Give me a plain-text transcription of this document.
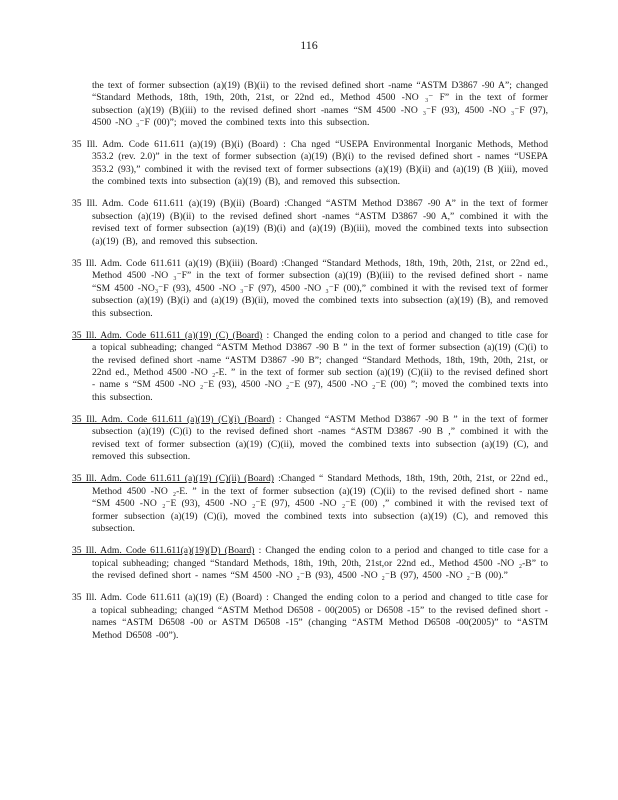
116

the text of former subsection (a)(19) (B)(ii) to the revised defined short -name “ASTM D3867 -90 A”; changed “Standard Methods, 18th, 19th, 20th, 21st, or 22nd ed., Method 4500 -NO ₃⁻ F” in the text of former subsection (a)(19) (B)(iii) to the revised defined short -names “SM 4500 -NO ₃⁻F (93), 4500 -NO ₃⁻F (97), 4500 -NO ₃⁻F (00)”; moved the combined texts into this subsection.

35 Ill. Adm. Code 611.611 (a)(19) (B)(i) (Board) : Cha nged “USEPA Environmental Inorganic Methods, Method 353.2 (rev. 2.0)” in the text of former subsection (a)(19) (B)(i) to the revised defined short - names “USEPA 353.2 (93),” combined it with the revised text of former subsections (a)(19) (B)(ii) and (a)(19) (B )(iii), moved the combined texts into subsection (a)(19) (B), and removed this subsection.

35 Ill. Adm. Code 611.611 (a)(19) (B)(ii) (Board) :Changed “ASTM Method D3867 -90 A” in the text of former subsection (a)(19) (B)(ii) to the revised defined short -names “ASTM D3867 -90 A,” combined it with the revised text of former subsection (a)(19) (B)(i) and (a)(19) (B)(iii), moved the combined texts into subsection (a)(19) (B), and removed this subsection.

35 Ill. Adm. Code 611.611 (a)(19) (B)(iii) (Board) :Changed “Standard Methods, 18th, 19th, 20th, 21st, or 22nd ed., Method 4500 -NO ₃⁻F” in the text of former subsection (a)(19) (B)(iii) to the revised defined short - name “SM 4500 -NO₃⁻F (93), 4500 -NO ₃⁻F (97), 4500 -NO ₃⁻F (00),” combined it with the revised text of former subsection (a)(19) (B)(i) and (a)(19) (B)(ii), moved the combined texts into subsection (a)(19) (B), and removed this subsection.

35 Ill. Adm. Code 611.611 (a)(19) (C) (Board) : Changed the ending colon to a period and changed to title case for a topical subheading; changed “ASTM Method D3867 -90 B ” in the text of former subsection (a)(19) (C)(i) to the revised defined short -name “ASTM D3867 -90 B”; changed “Standard Methods, 18th, 19th, 20th, 21st, or 22nd ed., Method 4500 -NO ₂-E. ” in the text of former sub section (a)(19) (C)(ii) to the revised defined short - name s “SM 4500 -NO ₂⁻E (93), 4500 -NO ₂⁻E (97), 4500 -NO ₂⁻E (00) ”; moved the combined texts into this subsection.

35 Ill. Adm. Code 611.611 (a)(19) (C)(i) (Board) : Changed “ASTM Method D3867 -90 B ” in the text of former subsection (a)(19) (C)(i) to the revised defined short -names “ASTM D3867 -90 B ,” combined it with the revised text of former subsection (a)(19) (C)(ii), moved the combined texts into subsection (a)(19) (C), and removed this subsection.

35 Ill. Adm. Code 611.611 (a)(19) (C)(ii) (Board) :Changed “ Standard Methods, 18th, 19th, 20th, 21st, or 22nd ed., Method 4500 -NO ₂-E. ” in the text of former subsection (a)(19) (C)(ii) to the revised defined short - name “SM 4500 -NO ₂⁻E (93), 4500 -NO ₂⁻E (97), 4500 -NO ₂⁻E (00) ,” combined it with the revised text of former subsection (a)(19) (C)(i), moved the combined texts into subsection (a)(19) (C), and removed this subsection.

35 Ill. Adm. Code 611.611(a)(19)(D) (Board) : Changed the ending colon to a period and changed to title case for a topical subheading; changed “Standard Methods, 18th, 19th, 20th, 21st,or 22nd ed., Method 4500 -NO ₂-B” to the revised defined short - names “SM 4500 -NO ₂⁻B (93), 4500 -NO ₂⁻B (97), 4500 -NO ₂⁻B (00).”

35 Ill. Adm. Code 611.611 (a)(19) (E) (Board) : Changed the ending colon to a period and changed to title case for a topical subheading; changed “ASTM Method D6508 - 00(2005) or D6508 -15” to the revised defined short -names “ASTM D6508 -00 or ASTM D6508 -15” (changing “ASTM Method D6508 -00(2005)” to “ASTM Method D6508 -00”).
